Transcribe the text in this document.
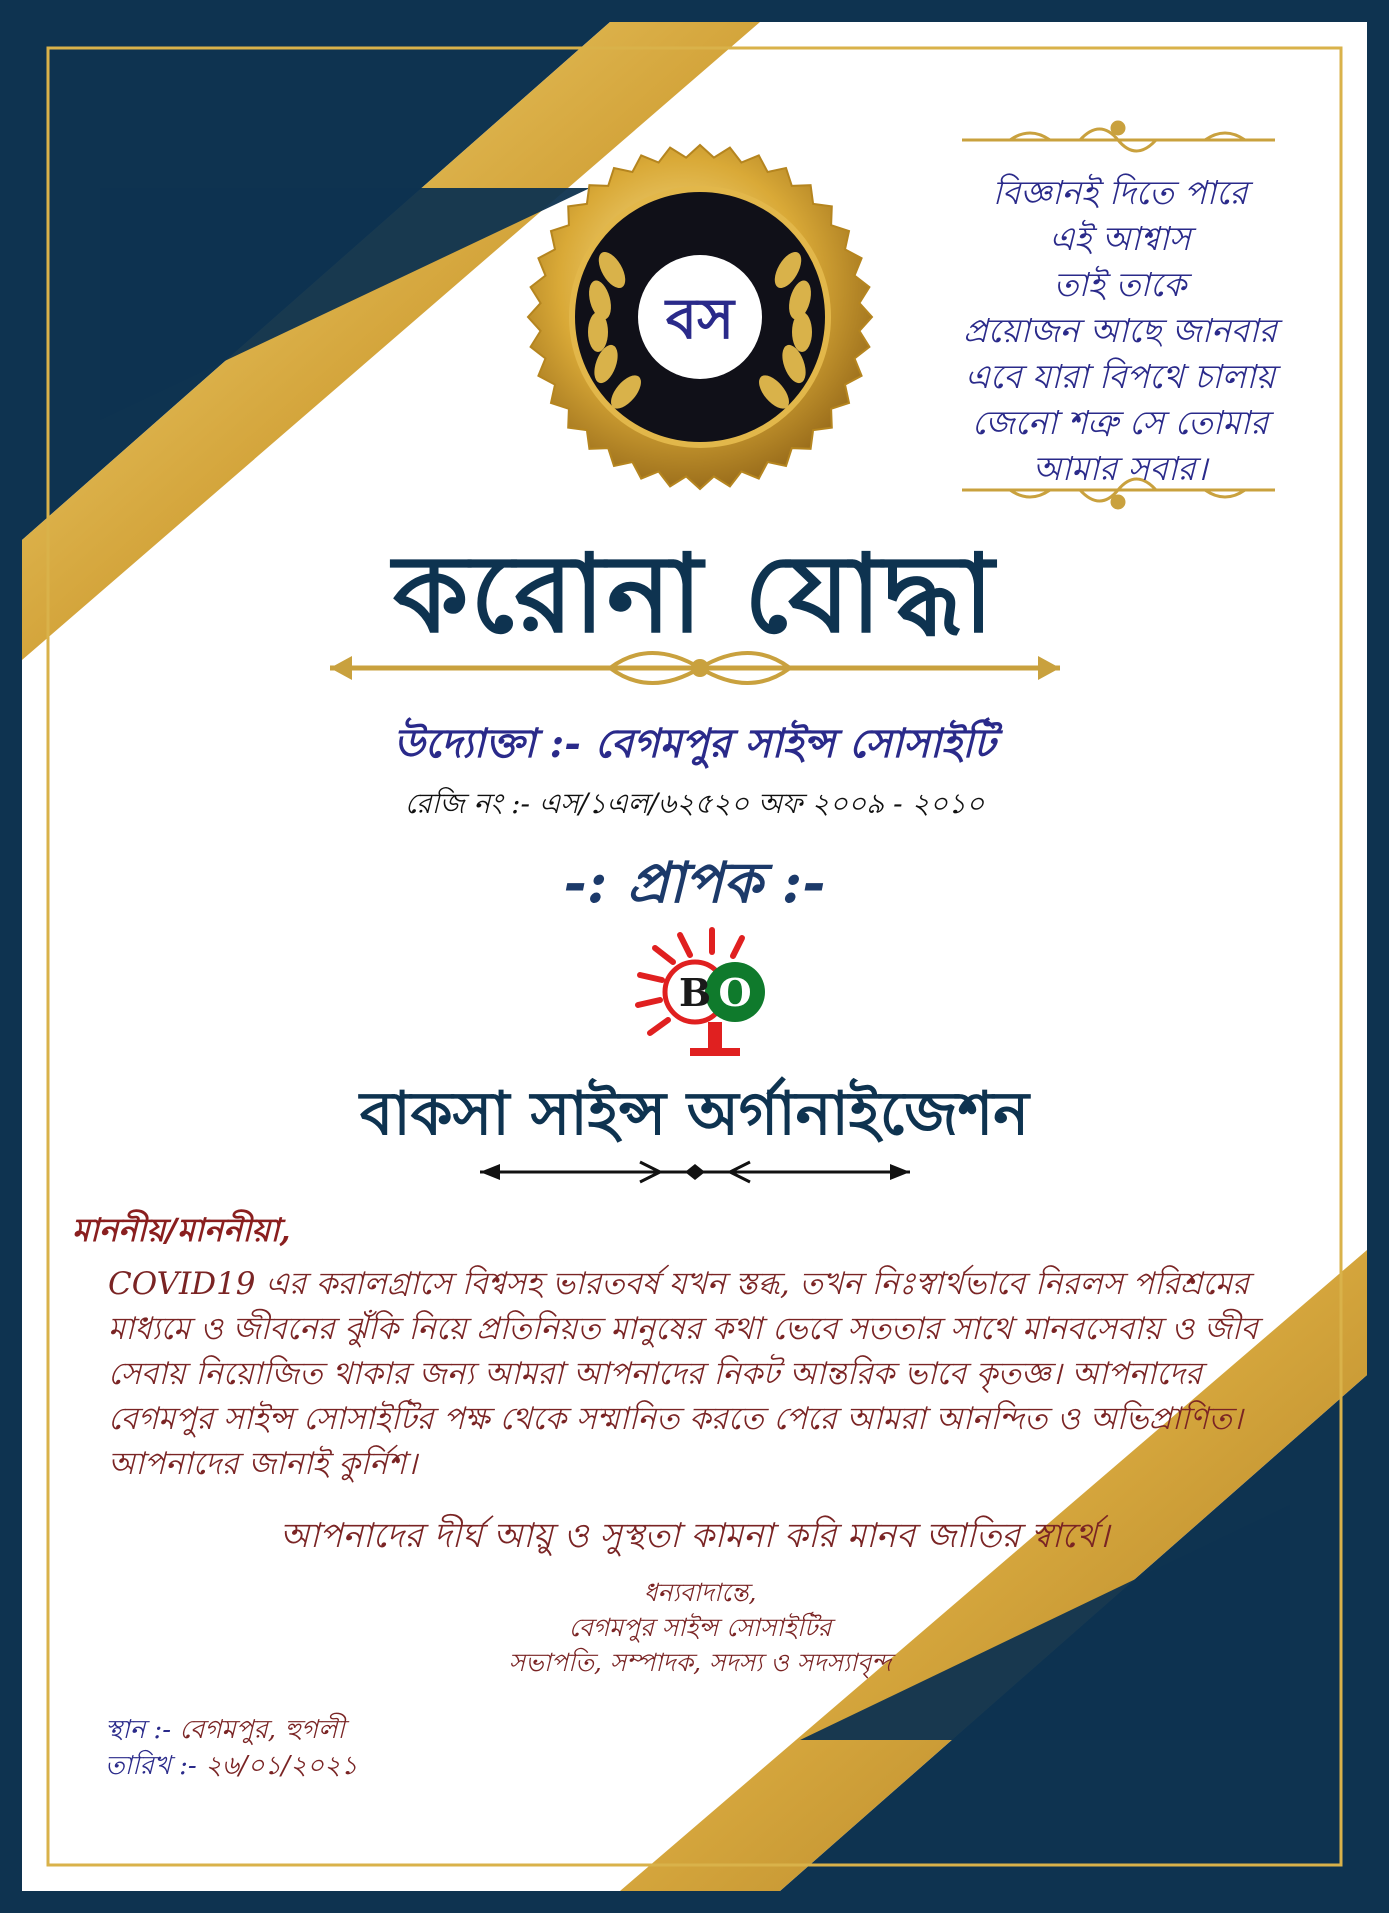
বস
B O
বিজ্ঞানই দিতে পারে
এই আশ্বাস
তাই তাকে
প্রয়োজন আছে জানবার
এবে যারা বিপথে চালায়
জেনো শত্রু সে তোমার
আমার সবার।
করোনা যোদ্ধা
উদ্যোক্তা :- বেগমপুর সাইন্স সোসাইটি
রেজি নং :- এস/১এল/৬২৫২০ অফ ২০০৯ - ২০১০
-: প্রাপক :-
বাকসা সাইন্স অর্গানাইজেশন
মাননীয়/মাননীয়া,
COVID19 এর করালগ্রাসে বিশ্বসহ ভারতবর্ষ যখন স্তব্ধ, তখন নিঃস্বার্থভাবে নিরলস পরিশ্রমের মাধ্যমে ও জীবনের ঝুঁকি নিয়ে প্রতিনিয়ত মানুষের কথা ভেবে সততার সাথে মানবসেবায় ও জীব সেবায় নিয়োজিত থাকার জন্য আমরা আপনাদের নিকট আন্তরিক ভাবে কৃতজ্ঞ। আপনাদের বেগমপুর সাইন্স সোসাইটির পক্ষ থেকে সম্মানিত করতে পেরে আমরা আনন্দিত ও অভিপ্রাণিত। আপনাদের জানাই কুর্নিশ।
আপনাদের দীর্ঘ আয়ু ও সুস্থতা কামনা করি মানব জাতির স্বার্থে।
ধন্যবাদান্তে,
বেগমপুর সাইন্স সোসাইটির
সভাপতি, সম্পাদক, সদস্য ও সদস্যাবৃন্দ
স্থান :- বেগমপুর, হুগলী
তারিখ :- ২৬/০১/২০২১
